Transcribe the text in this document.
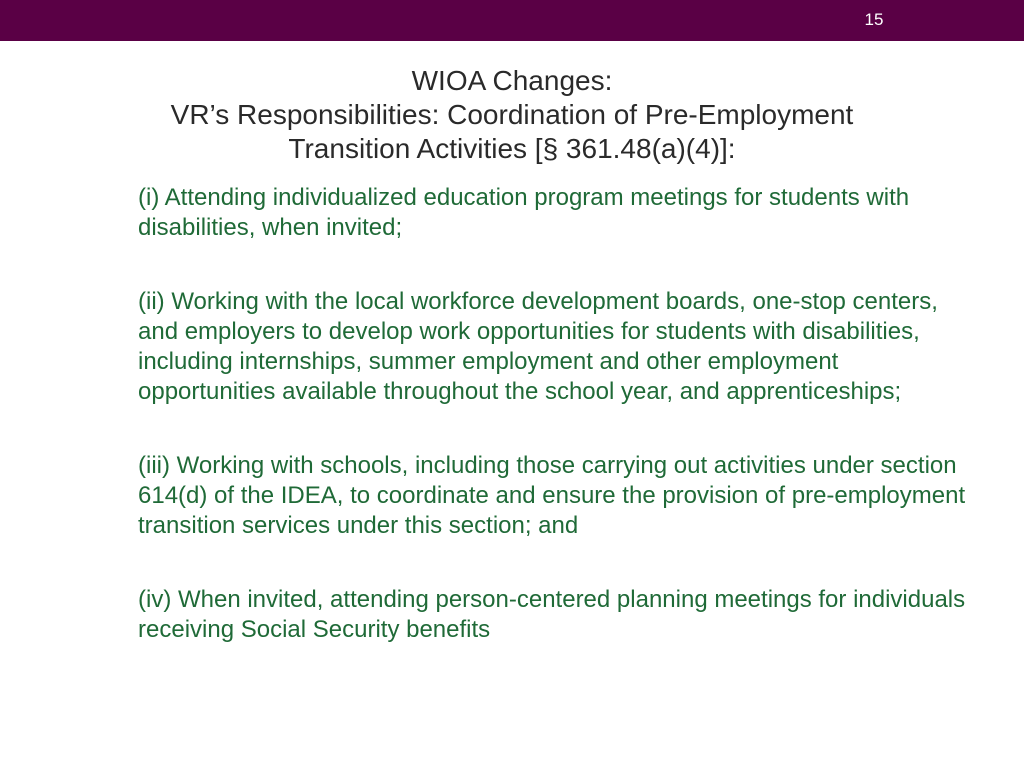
15
WIOA Changes:
VR’s Responsibilities: Coordination of Pre-Employment
Transition Activities [§ 361.48(a)(4)]:

(i) Attending individualized education program meetings for students with disabilities, when invited;

(ii) Working with the local workforce development boards, one-stop centers, and employers to develop work opportunities for students with disabilities, including internships, summer employment and other employment opportunities available throughout the school year, and apprenticeships;

(iii) Working with schools, including those carrying out activities under section 614(d) of the IDEA, to coordinate and ensure the provision of pre-employment transition services under this section; and

(iv) When invited, attending person-centered planning meetings for individuals receiving Social Security benefits
